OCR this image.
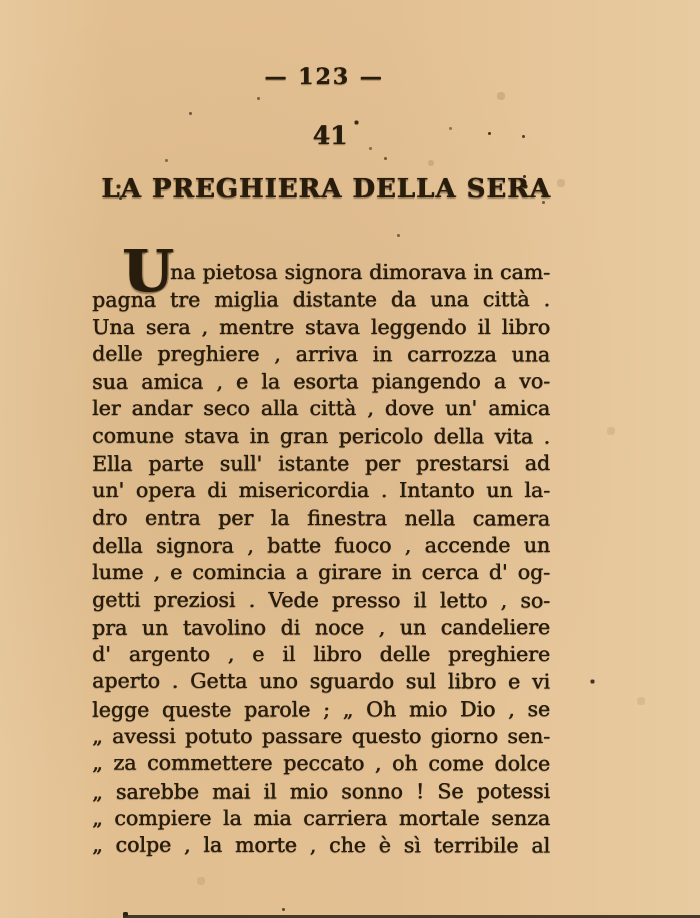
— 123 —
41
LA PREGHIERA DELLA SERA
U

na pietosa signora dimorava in cam-

pagna tre miglia distante da una città .

Una sera , mentre stava leggendo il libro

delle preghiere , arriva in carrozza una

sua amica , e la esorta piangendo a vo-

ler andar seco alla città , dove un' amica

comune stava in gran pericolo della vita .

Ella parte sull' istante per prestarsi ad

un' opera di misericordia . Intanto un la-

dro entra per la finestra nella camera

della signora , batte fuoco , accende un

lume , e comincia a girare in cerca d' og-

getti preziosi . Vede presso il letto , so-

pra un tavolino di noce , un candeliere

d' argento , e il libro delle preghiere

aperto . Getta uno sguardo sul libro e vi

legge queste parole ; „ Oh mio Dio , se

„ avessi potuto passare questo giorno sen-

„ za commettere peccato , oh come dolce

„ sarebbe mai il mio sonno ! Se potessi

„ compiere la mia carriera mortale senza

„ colpe , la morte , che è sì terribile al
